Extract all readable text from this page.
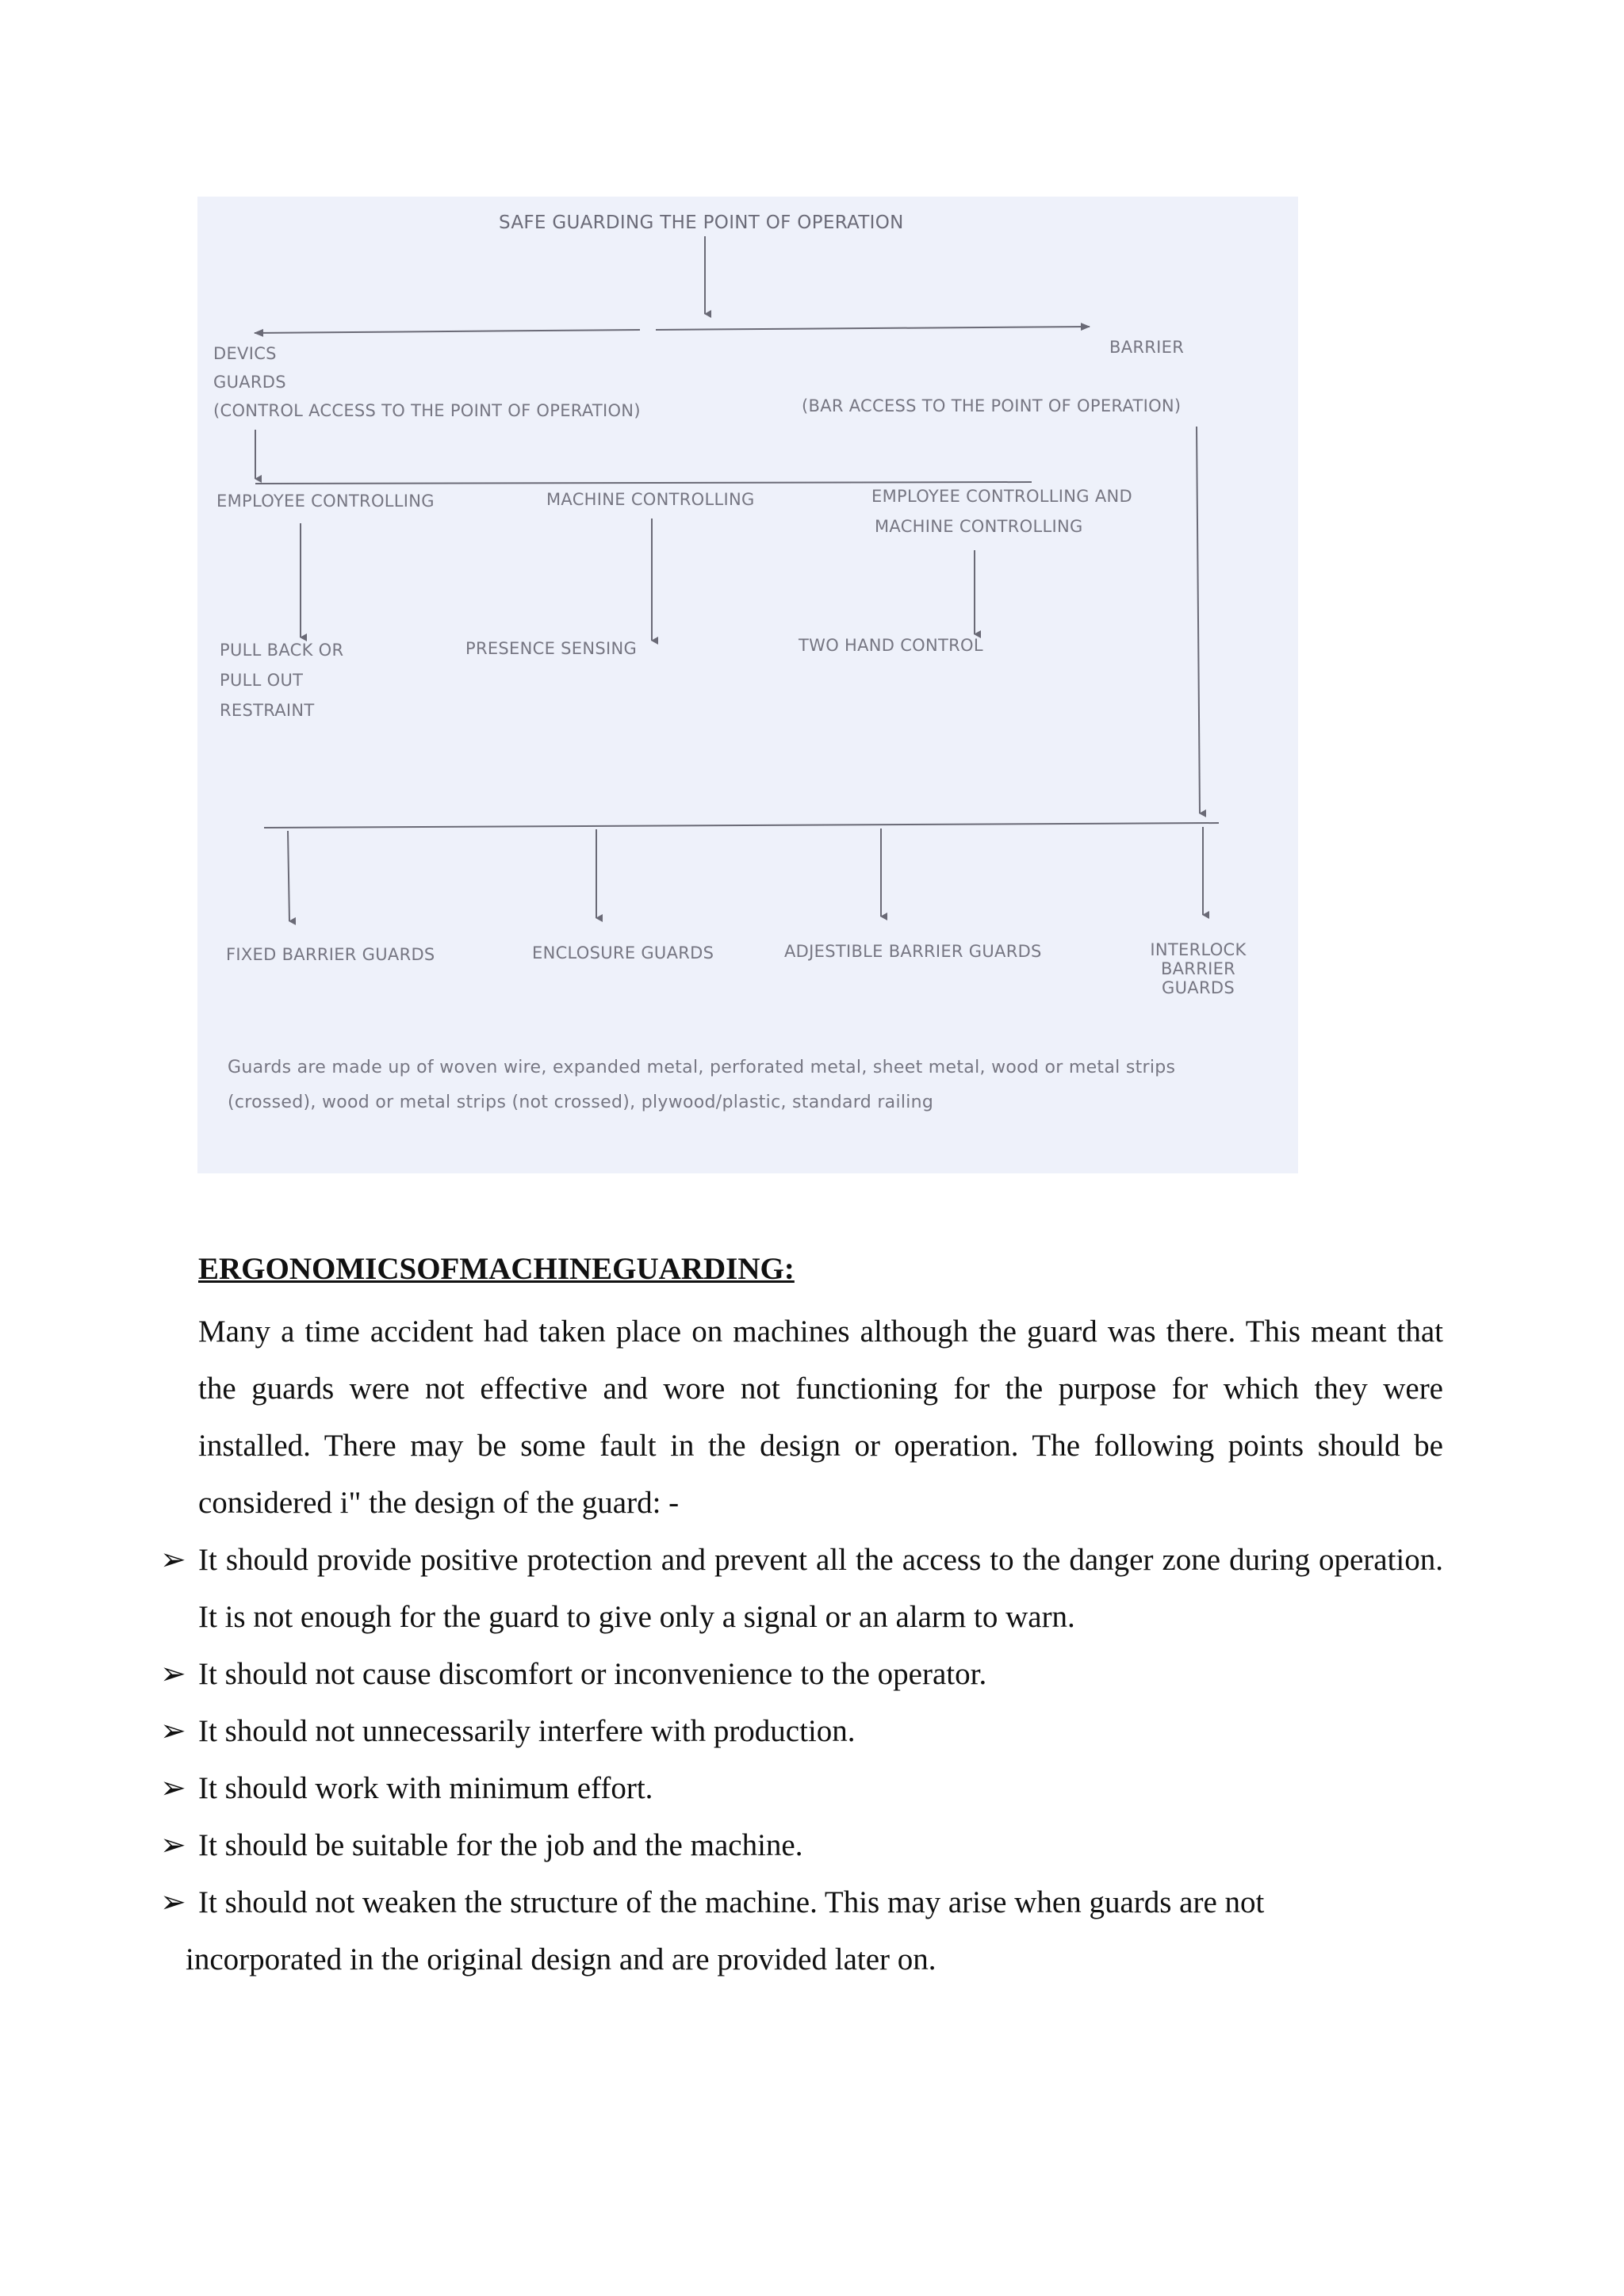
SAFE GUARDING THE POINT OF OPERATION
DEVICS
GUARDS
(CONTROL ACCESS TO THE POINT OF OPERATION)
BARRIER
(BAR ACCESS TO THE POINT OF OPERATION)
EMPLOYEE CONTROLLING	MACHINE CONTROLLING	EMPLOYEE CONTROLLING AND
MACHINE CONTROLLING
PULL BACK OR
PULL OUT
RESTRAINT
PRESENCE SENSING	TWO HAND CONTROL
FIXED BARRIER GUARDS	ENCLOSURE GUARDS	ADJESTIBLE BARRIER GUARDS	INTERLOCK
BARRIER
GUARDS
Guards are made up of woven wire, expanded metal, perforated metal, sheet metal, wood or metal strips
(crossed), wood or metal strips (not crossed), plywood/plastic, standard railing
ERGONOMICSOFMACHINEGUARDING:
Many a time accident had taken place on machines although the guard was there. This meant that the guards were not effective and wore not functioning for the purpose for which they were installed. There may be some fault in the design or operation. The following points should be considered i" the design of the guard: -
➢ It should provide positive protection and prevent all the access to the danger zone during operation. It is not enough for the guard to give only a signal or an alarm to warn.
➢ It should not cause discomfort or inconvenience to the operator.
➢ It should not unnecessarily interfere with production.
➢ It should work with minimum effort.
➢ It should be suitable for the job and the machine.
➢ It should not weaken the structure of the machine. This may arise when guards are not
incorporated in the original design and are provided later on.
